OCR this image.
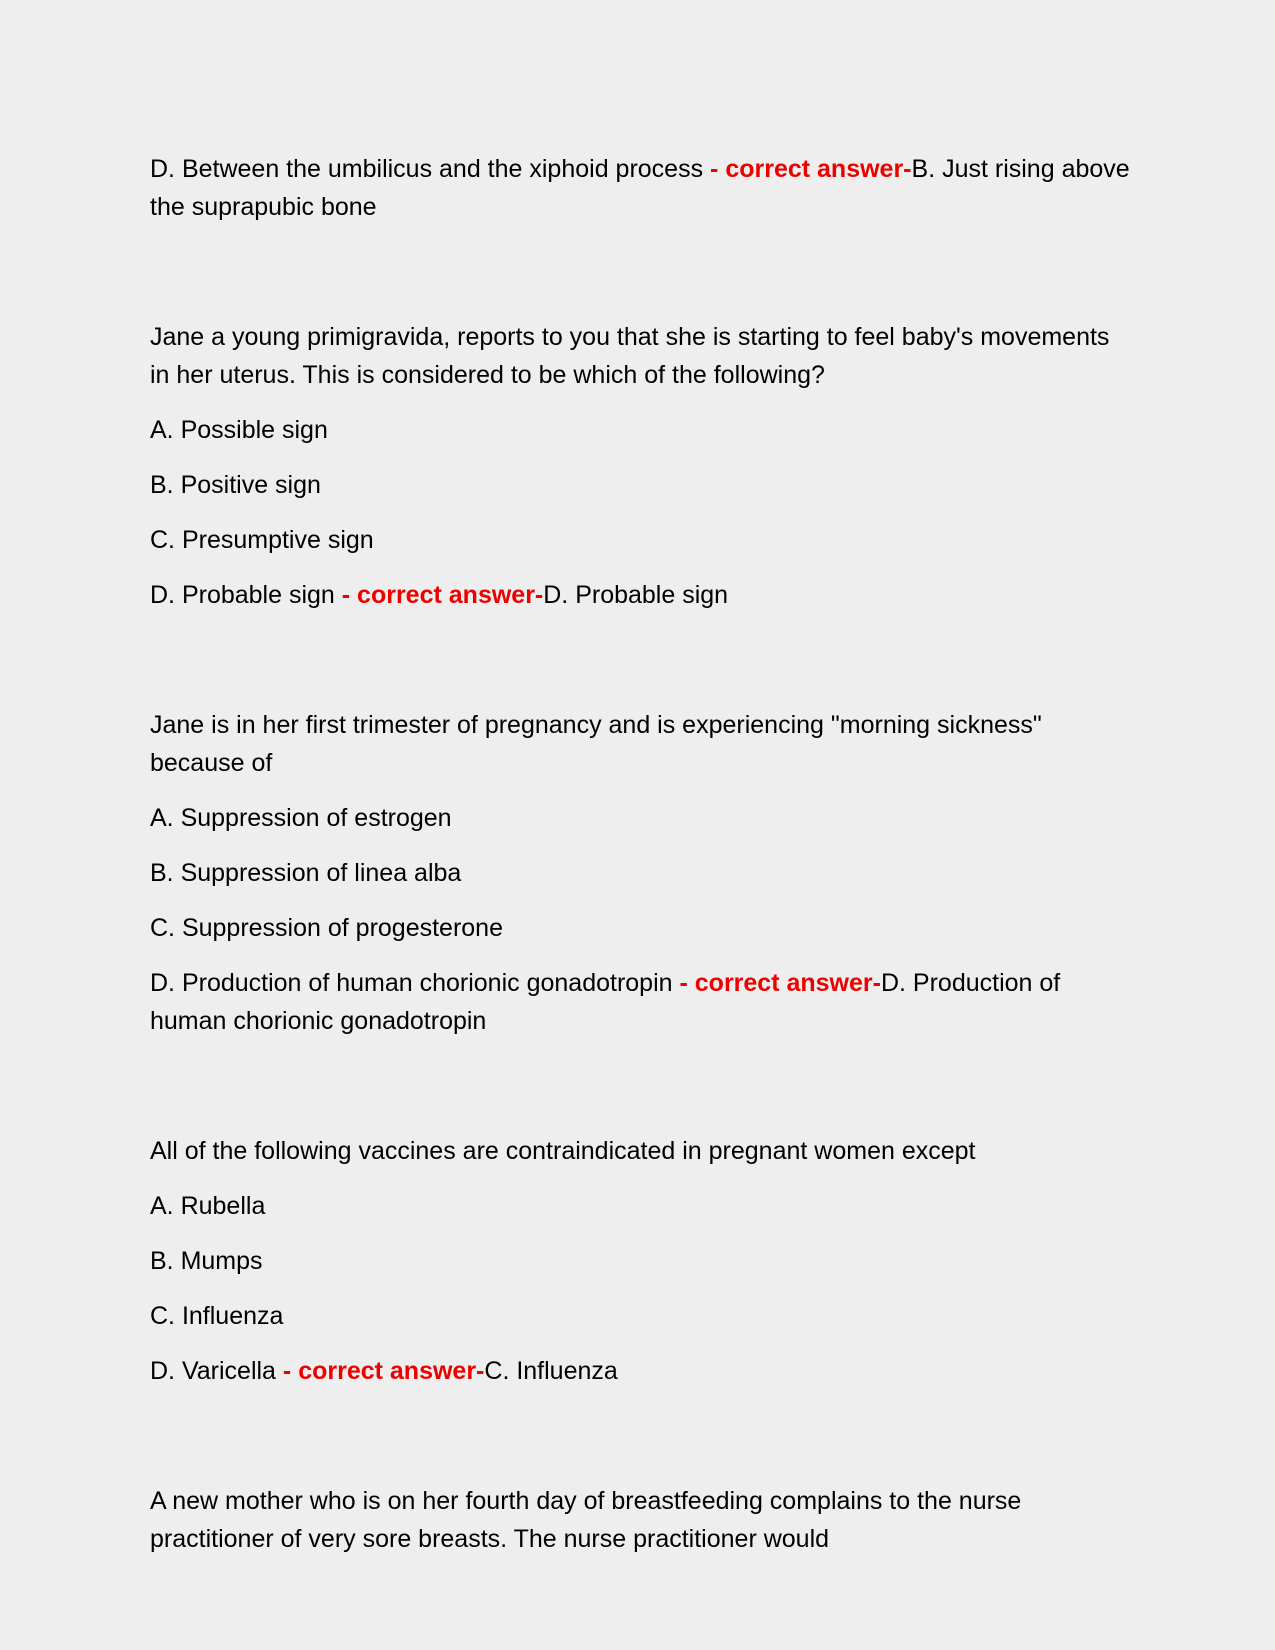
D. Between the umbilicus and the xiphoid process - correct answer-B. Just rising above the suprapubic bone
Jane a young primigravida, reports to you that she is starting to feel baby's movements in her uterus. This is considered to be which of the following?
A. Possible sign
B. Positive sign
C. Presumptive sign
D. Probable sign - correct answer-D. Probable sign
Jane is in her first trimester of pregnancy and is experiencing "morning sickness" because of
A. Suppression of estrogen
B. Suppression of linea alba
C. Suppression of progesterone
D. Production of human chorionic gonadotropin - correct answer-D. Production of human chorionic gonadotropin
All of the following vaccines are contraindicated in pregnant women except
A. Rubella
B. Mumps
C. Influenza
D. Varicella - correct answer-C. Influenza
A new mother who is on her fourth day of breastfeeding complains to the nurse practitioner of very sore breasts. The nurse practitioner would
